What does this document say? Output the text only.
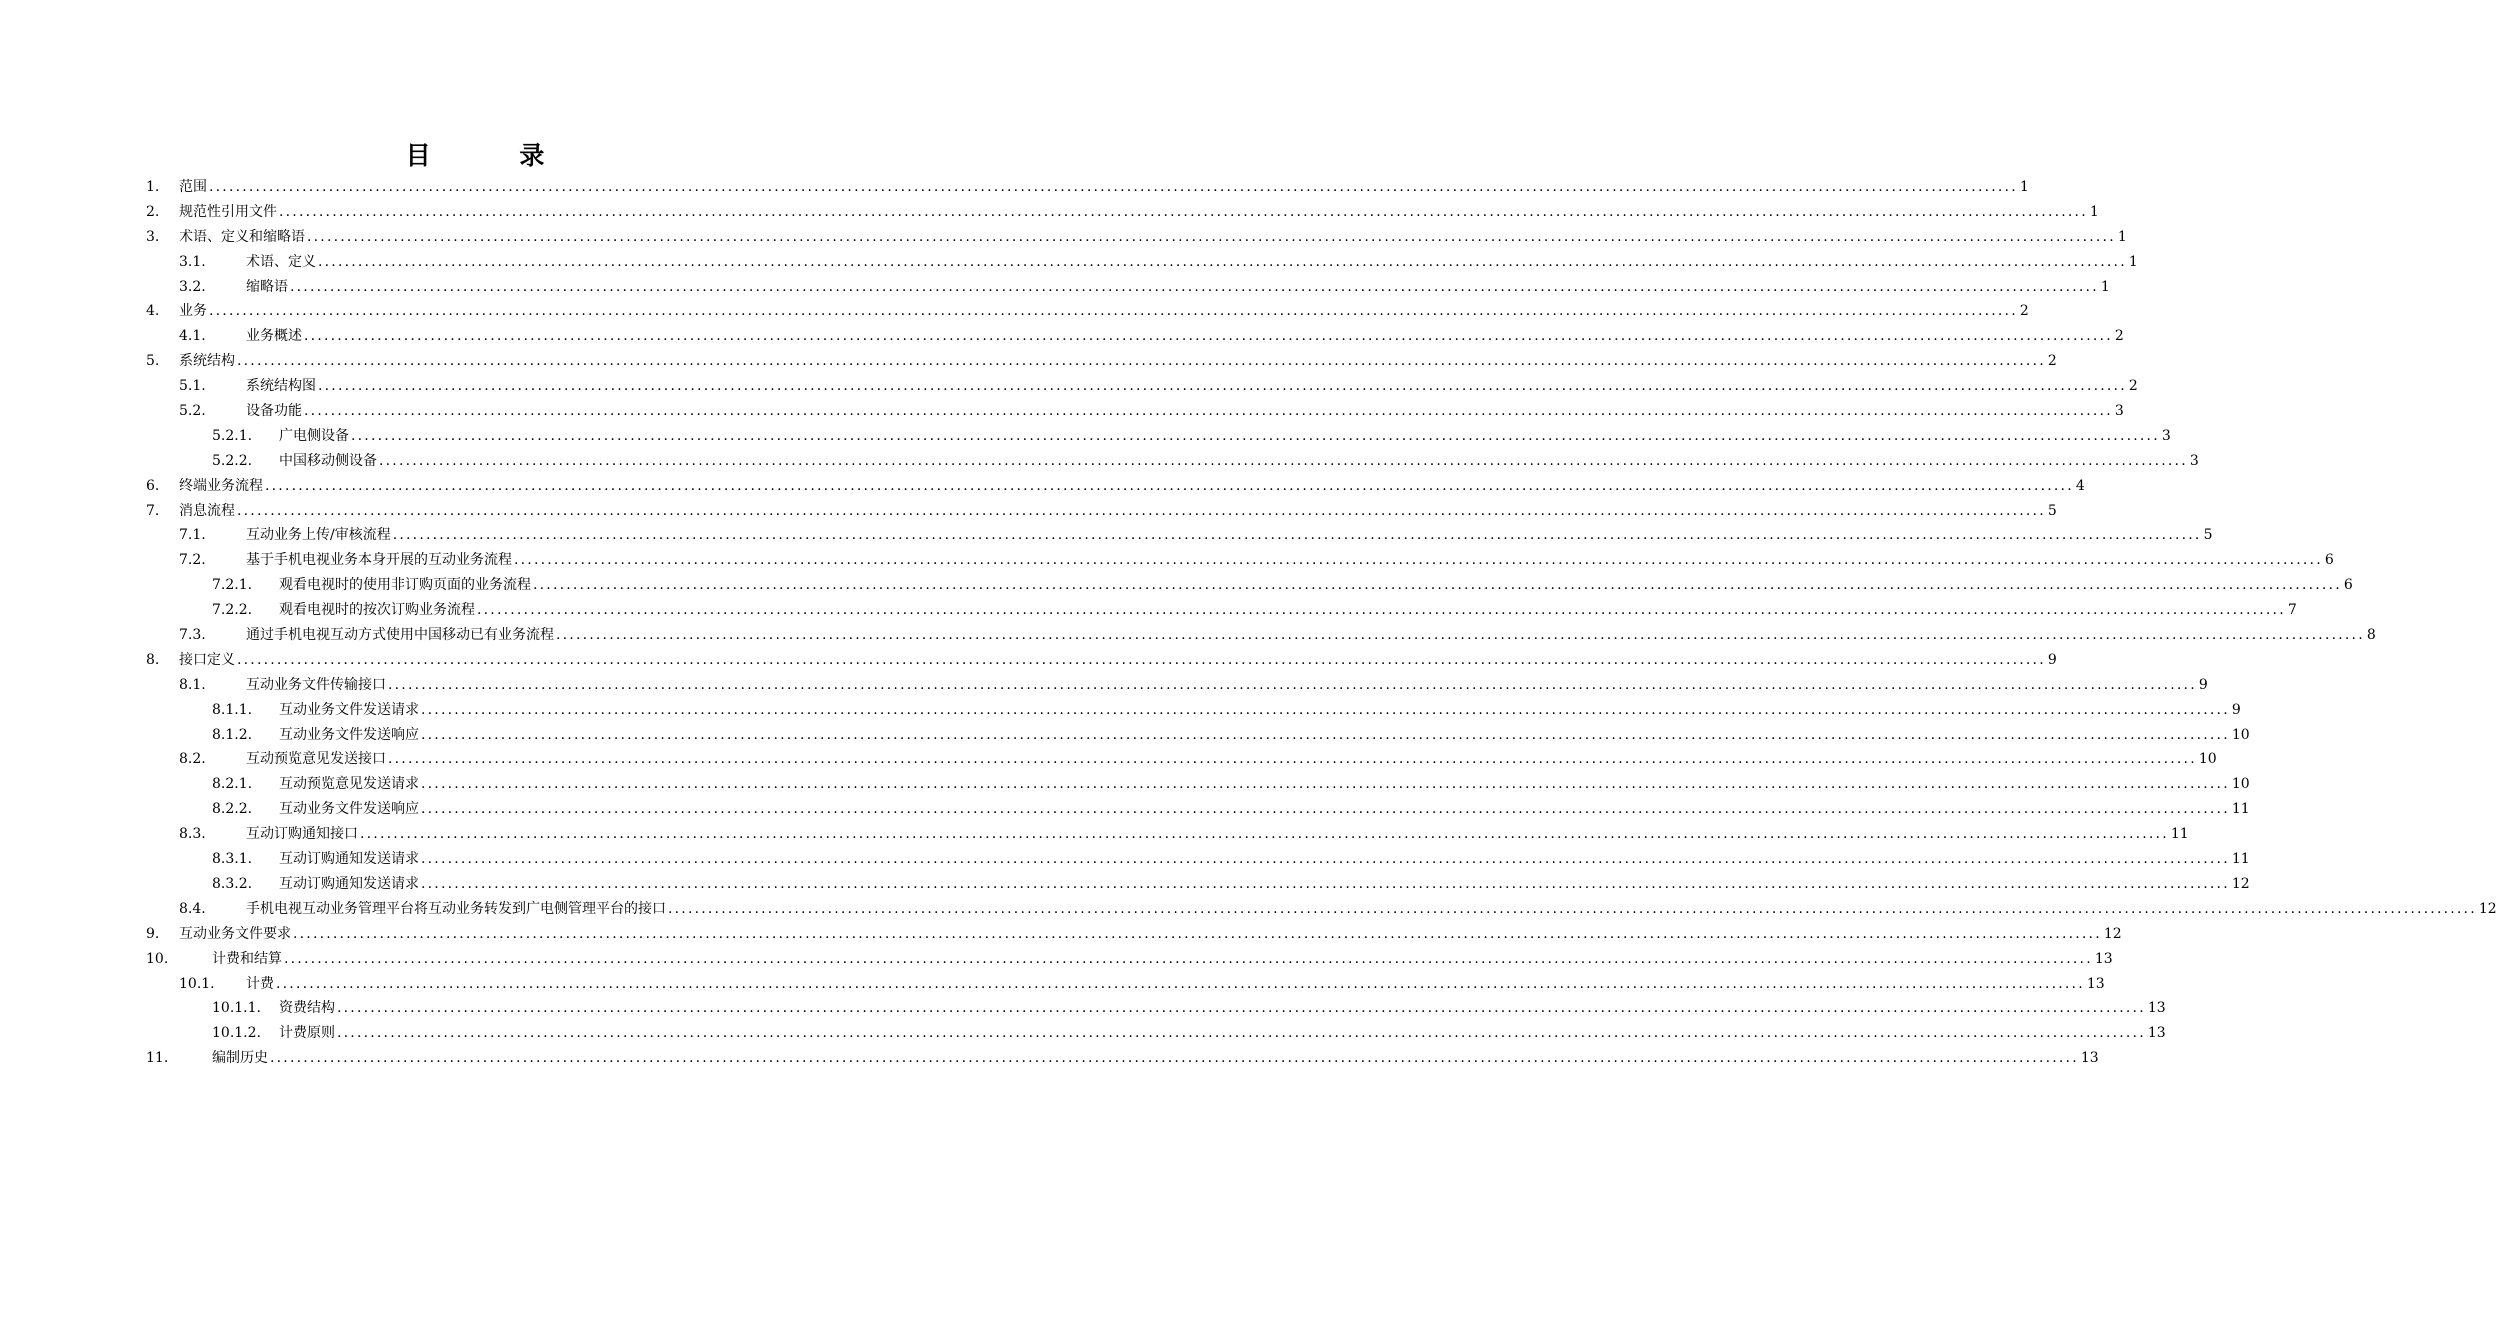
目 录
1. 范围 ................................................................................................................................................................................................................................................................................ 1
2. 规范性引用文件 ................................................................................................................................................................................................................................................................................ 1
3. 术语、定义和缩略语 ................................................................................................................................................................................................................................................................................ 1
3.1.	术语、定义 ................................................................................................................................................................................................................................................................................ 1
3.2.	缩略语 ................................................................................................................................................................................................................................................................................ 1
4. 业务 ................................................................................................................................................................................................................................................................................ 2
4.1.	业务概述 ................................................................................................................................................................................................................................................................................ 2
5. 系统结构 ................................................................................................................................................................................................................................................................................ 2
5.1.	系统结构图 ................................................................................................................................................................................................................................................................................ 2
5.2.	设备功能 ................................................................................................................................................................................................................................................................................ 3
5.2.1. 广电侧设备 ................................................................................................................................................................................................................................................................................ 3
5.2.2. 中国移动侧设备 ................................................................................................................................................................................................................................................................................ 3
6. 终端业务流程 ................................................................................................................................................................................................................................................................................ 4
7. 消息流程 ................................................................................................................................................................................................................................................................................ 5
7.1.	互动业务上传/审核流程 ................................................................................................................................................................................................................................................................................ 5
7.2.	基于手机电视业务本身开展的互动业务流程 ................................................................................................................................................................................................................................................................................ 6
7.2.1. 观看电视时的使用非订购页面的业务流程 ................................................................................................................................................................................................................................................................................ 6
7.2.2. 观看电视时的按次订购业务流程 ................................................................................................................................................................................................................................................................................ 7
7.3.	通过手机电视互动方式使用中国移动已有业务流程 ................................................................................................................................................................................................................................................................................ 8
8. 接口定义 ................................................................................................................................................................................................................................................................................ 9
8.1.	互动业务文件传输接口 ................................................................................................................................................................................................................................................................................ 9
8.1.1. 互动业务文件发送请求 ................................................................................................................................................................................................................................................................................ 9
8.1.2. 互动业务文件发送响应 ................................................................................................................................................................................................................................................................................ 10
8.2.	互动预览意见发送接口 ................................................................................................................................................................................................................................................................................ 10
8.2.1. 互动预览意见发送请求 ................................................................................................................................................................................................................................................................................ 10
8.2.2. 互动业务文件发送响应 ................................................................................................................................................................................................................................................................................ 11
8.3.	互动订购通知接口 ................................................................................................................................................................................................................................................................................ 11
8.3.1. 互动订购通知发送请求 ................................................................................................................................................................................................................................................................................ 11
8.3.2. 互动订购通知发送请求 ................................................................................................................................................................................................................................................................................ 12
8.4.	手机电视互动业务管理平台将互动业务转发到广电侧管理平台的接口 ................................................................................................................................................................................................................................................................................ 12
9. 互动业务文件要求 ................................................................................................................................................................................................................................................................................ 12
10.	计费和结算 ................................................................................................................................................................................................................................................................................ 13
10.1. 计费 ................................................................................................................................................................................................................................................................................ 13
10.1.1. 资费结构 ................................................................................................................................................................................................................................................................................ 13
10.1.2. 计费原则 ................................................................................................................................................................................................................................................................................ 13
11.	编制历史 ................................................................................................................................................................................................................................................................................ 13
